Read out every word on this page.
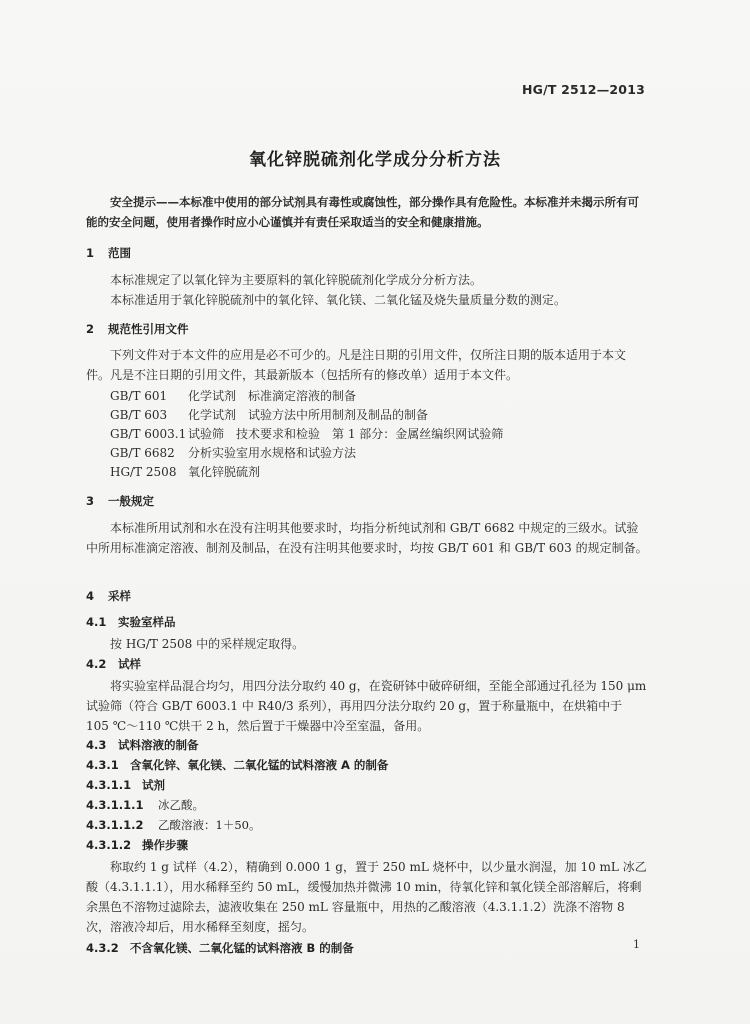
HG/T 2512—2013
氧化锌脱硫剂化学成分分析方法
安全提示——本标准中使用的部分试剂具有毒性或腐蚀性，部分操作具有危险性。本标准并未揭示所有可能的安全问题，使用者操作时应小心谨慎并有责任采取适当的安全和健康措施。
1 范围
本标准规定了以氧化锌为主要原料的氧化锌脱硫剂化学成分分析方法。
本标准适用于氧化锌脱硫剂中的氧化锌、氧化镁、二氧化锰及烧失量质量分数的测定。
2 规范性引用文件
下列文件对于本文件的应用是必不可少的。凡是注日期的引用文件，仅所注日期的版本适用于本文件。凡是不注日期的引用文件，其最新版本（包括所有的修改单）适用于本文件。
GB/T 601 化学试剂　标准滴定溶液的制备
GB/T 603 化学试剂　试验方法中所用制剂及制品的制备
GB/T 6003.1 试验筛　技术要求和检验　第 1 部分：金属丝编织网试验筛
GB/T 6682 分析实验室用水规格和试验方法
HG/T 2508 氧化锌脱硫剂
3 一般规定
本标准所用试剂和水在没有注明其他要求时，均指分析纯试剂和 GB/T 6682 中规定的三级水。试验中所用标准滴定溶液、制剂及制品，在没有注明其他要求时，均按 GB/T 601 和 GB/T 603 的规定制备。
4 采样
4.1 实验室样品
按 HG/T 2508 中的采样规定取得。
4.2 试样
将实验室样品混合均匀，用四分法分取约 40 g，在瓷研钵中破碎研细，至能全部通过孔径为 150 μm 试验筛（符合 GB/T 6003.1 中 R40/3 系列），再用四分法分取约 20 g，置于称量瓶中，在烘箱中于 105 ℃～110 ℃烘干 2 h，然后置于干燥器中冷至室温，备用。
4.3 试料溶液的制备
4.3.1 含氧化锌、氧化镁、二氧化锰的试料溶液 A 的制备
4.3.1.1 试剂
4.3.1.1.1 冰乙酸。
4.3.1.1.2 乙酸溶液：1＋50。
4.3.1.2 操作步骤
称取约 1 g 试样（4.2），精确到 0.000 1 g，置于 250 mL 烧杯中，以少量水润湿，加 10 mL 冰乙酸（4.3.1.1.1），用水稀释至约 50 mL，缓慢加热并微沸 10 min，待氧化锌和氧化镁全部溶解后，将剩余黑色不溶物过滤除去，滤液收集在 250 mL 容量瓶中，用热的乙酸溶液（4.3.1.1.2）洗涤不溶物 8 次，溶液冷却后，用水稀释至刻度，摇匀。
4.3.2 不含氧化镁、二氧化锰的试料溶液 B 的制备	1
